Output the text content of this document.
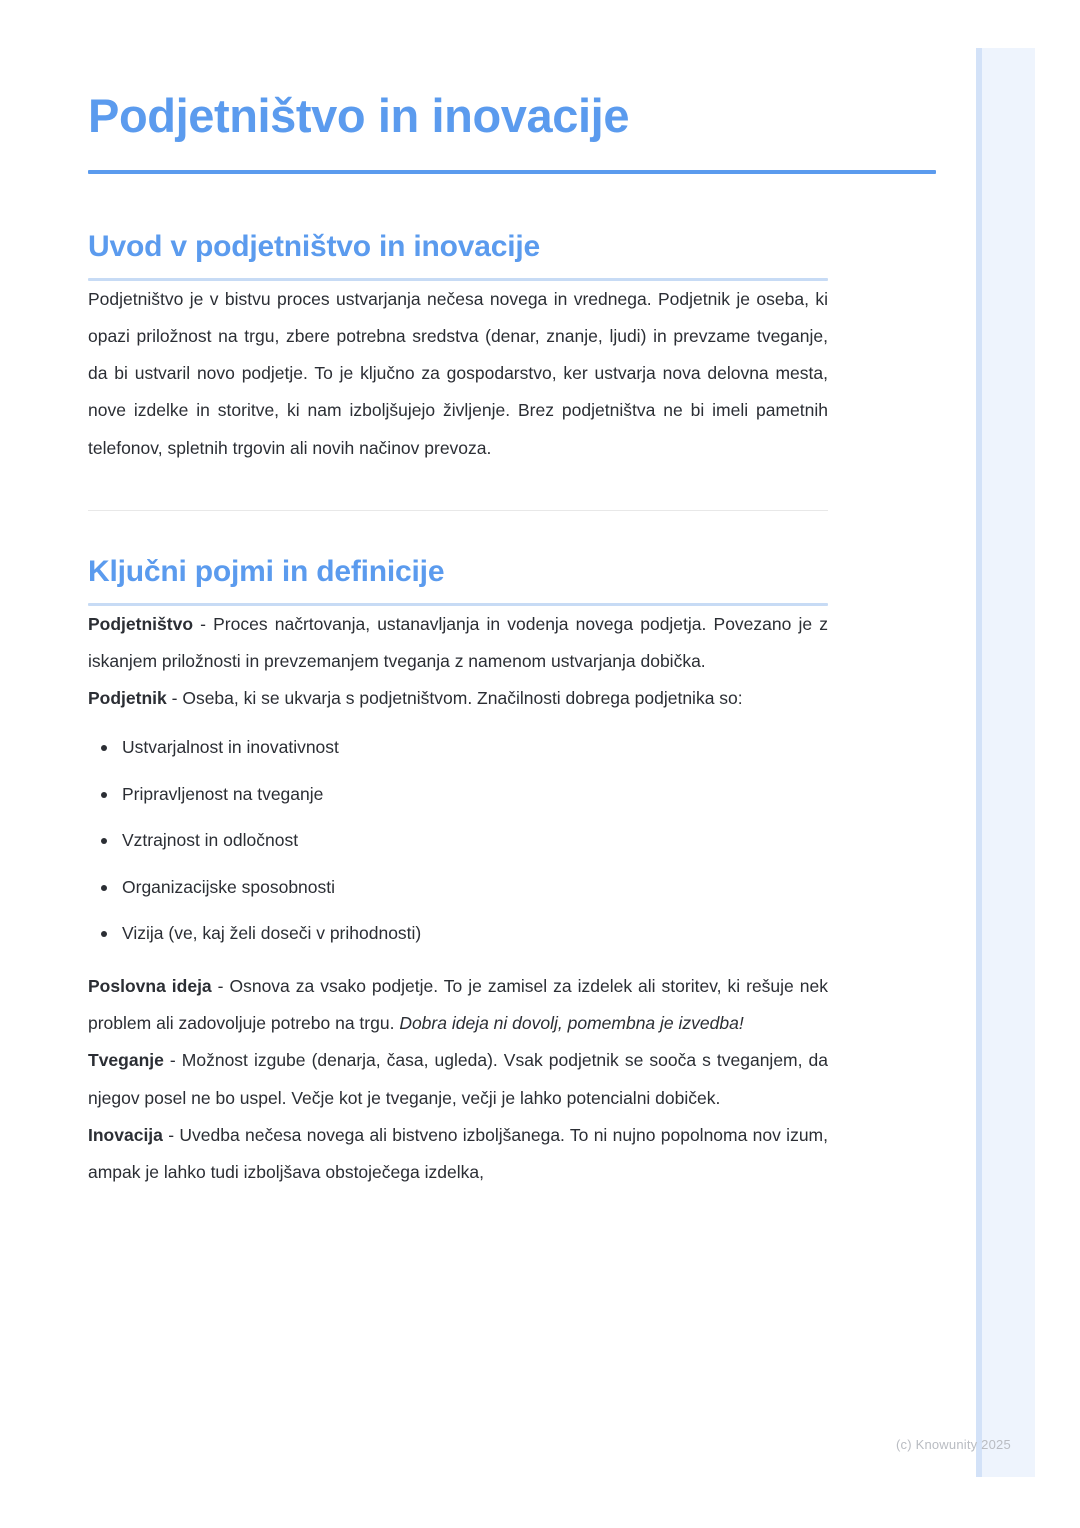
Podjetništvo in inovacije
Uvod v podjetništvo in inovacije

Podjetništvo je v bistvu proces ustvarjanja nečesa novega in vrednega. Podjetnik je oseba, ki opazi priložnost na trgu, zbere potrebna sredstva (denar, znanje, ljudi) in prevzame tveganje, da bi ustvaril novo podjetje. To je ključno za gospodarstvo, ker ustvarja nova delovna mesta, nove izdelke in storitve, ki nam izboljšujejo življenje. Brez podjetništva ne bi imeli pametnih telefonov, spletnih trgovin ali novih načinov prevoza.

Ključni pojmi in definicije

Podjetništvo - Proces načrtovanja, ustanavljanja in vodenja novega podjetja. Povezano je z iskanjem priložnosti in prevzemanjem tveganja z namenom ustvarjanja dobička.

Podjetnik - Oseba, ki se ukvarja s podjetništvom. Značilnosti dobrega podjetnika so:

Ustvarjalnost in inovativnost
Pripravljenost na tveganje
Vztrajnost in odločnost
Organizacijske sposobnosti
Vizija (ve, kaj želi doseči v prihodnosti)

Poslovna ideja - Osnova za vsako podjetje. To je zamisel za izdelek ali storitev, ki rešuje nek problem ali zadovoljuje potrebo na trgu. Dobra ideja ni dovolj, pomembna je izvedba!

Tveganje - Možnost izgube (denarja, časa, ugleda). Vsak podjetnik se sooča s tveganjem, da njegov posel ne bo uspel. Večje kot je tveganje, večji je lahko potencialni dobiček.

Inovacija - Uvedba nečesa novega ali bistveno izboljšanega. To ni nujno popolnoma nov izum, ampak je lahko tudi izboljšava obstoječega izdelka,

(c) Knowunity 2025
